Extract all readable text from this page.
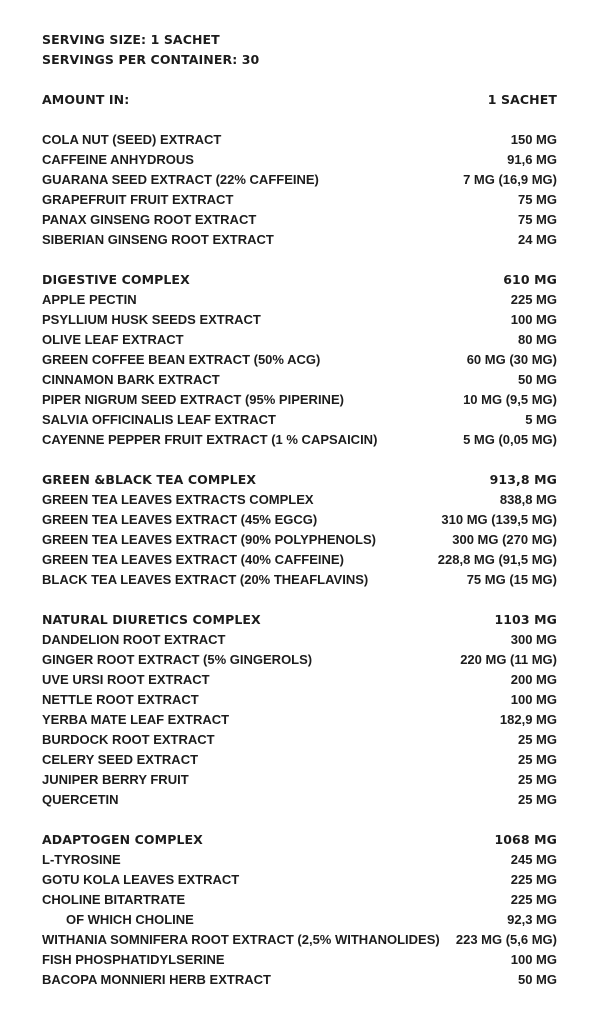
SERVING SIZE: 1 SACHET
SERVINGS PER CONTAINER: 30
AMOUNT IN:	1 SACHET
COLA NUT (SEED) EXTRACT	150 MG
CAFFEINE ANHYDROUS	91,6 MG
GUARANA SEED EXTRACT (22% CAFFEINE)	7 MG (16,9 MG)
GRAPEFRUIT FRUIT EXTRACT	75 MG
PANAX GINSENG ROOT EXTRACT	75 MG
SIBERIAN GINSENG ROOT EXTRACT	24 MG
DIGESTIVE COMPLEX	610 MG
APPLE PECTIN	225 MG
PSYLLIUM HUSK SEEDS EXTRACT	100 MG
OLIVE LEAF EXTRACT	80 MG
GREEN COFFEE BEAN EXTRACT (50% ACG)	60 MG (30 MG)
CINNAMON BARK EXTRACT	50 MG
PIPER NIGRUM SEED EXTRACT (95% PIPERINE)	10 MG (9,5 MG)
SALVIA OFFICINALIS LEAF EXTRACT	5 MG
CAYENNE PEPPER FRUIT EXTRACT (1 % CAPSAICIN)	5 MG (0,05 MG)
GREEN &BLACK TEA COMPLEX	913,8 MG
GREEN TEA LEAVES EXTRACTS COMPLEX	838,8 MG
GREEN TEA LEAVES EXTRACT (45% EGCG)	310 MG (139,5 MG)
GREEN TEA LEAVES EXTRACT (90% POLYPHENOLS)	300 MG (270 MG)
GREEN TEA LEAVES EXTRACT (40% CAFFEINE)	228,8 MG (91,5 MG)
BLACK TEA LEAVES EXTRACT (20% THEAFLAVINS)	75 MG (15 MG)
NATURAL DIURETICS COMPLEX	1103 MG
DANDELION ROOT EXTRACT	300 MG
GINGER ROOT EXTRACT (5% GINGEROLS)	220 MG (11 MG)
UVE URSI ROOT EXTRACT	200 MG
NETTLE ROOT EXTRACT	100 MG
YERBA MATE LEAF EXTRACT	182,9 MG
BURDOCK ROOT EXTRACT	25 MG
CELERY SEED EXTRACT	25 MG
JUNIPER BERRY FRUIT	25 MG
QUERCETIN	25 MG
ADAPTOGEN COMPLEX	1068 MG
L-TYROSINE	245 MG
GOTU KOLA LEAVES EXTRACT	225 MG
CHOLINE BITARTRATE	225 MG
OF WHICH CHOLINE	92,3 MG
WITHANIA SOMNIFERA ROOT EXTRACT (2,5% WITHANOLIDES)	223 MG (5,6 MG)
FISH PHOSPHATIDYLSERINE	100 MG
BACOPA MONNIERI HERB EXTRACT	50 MG
